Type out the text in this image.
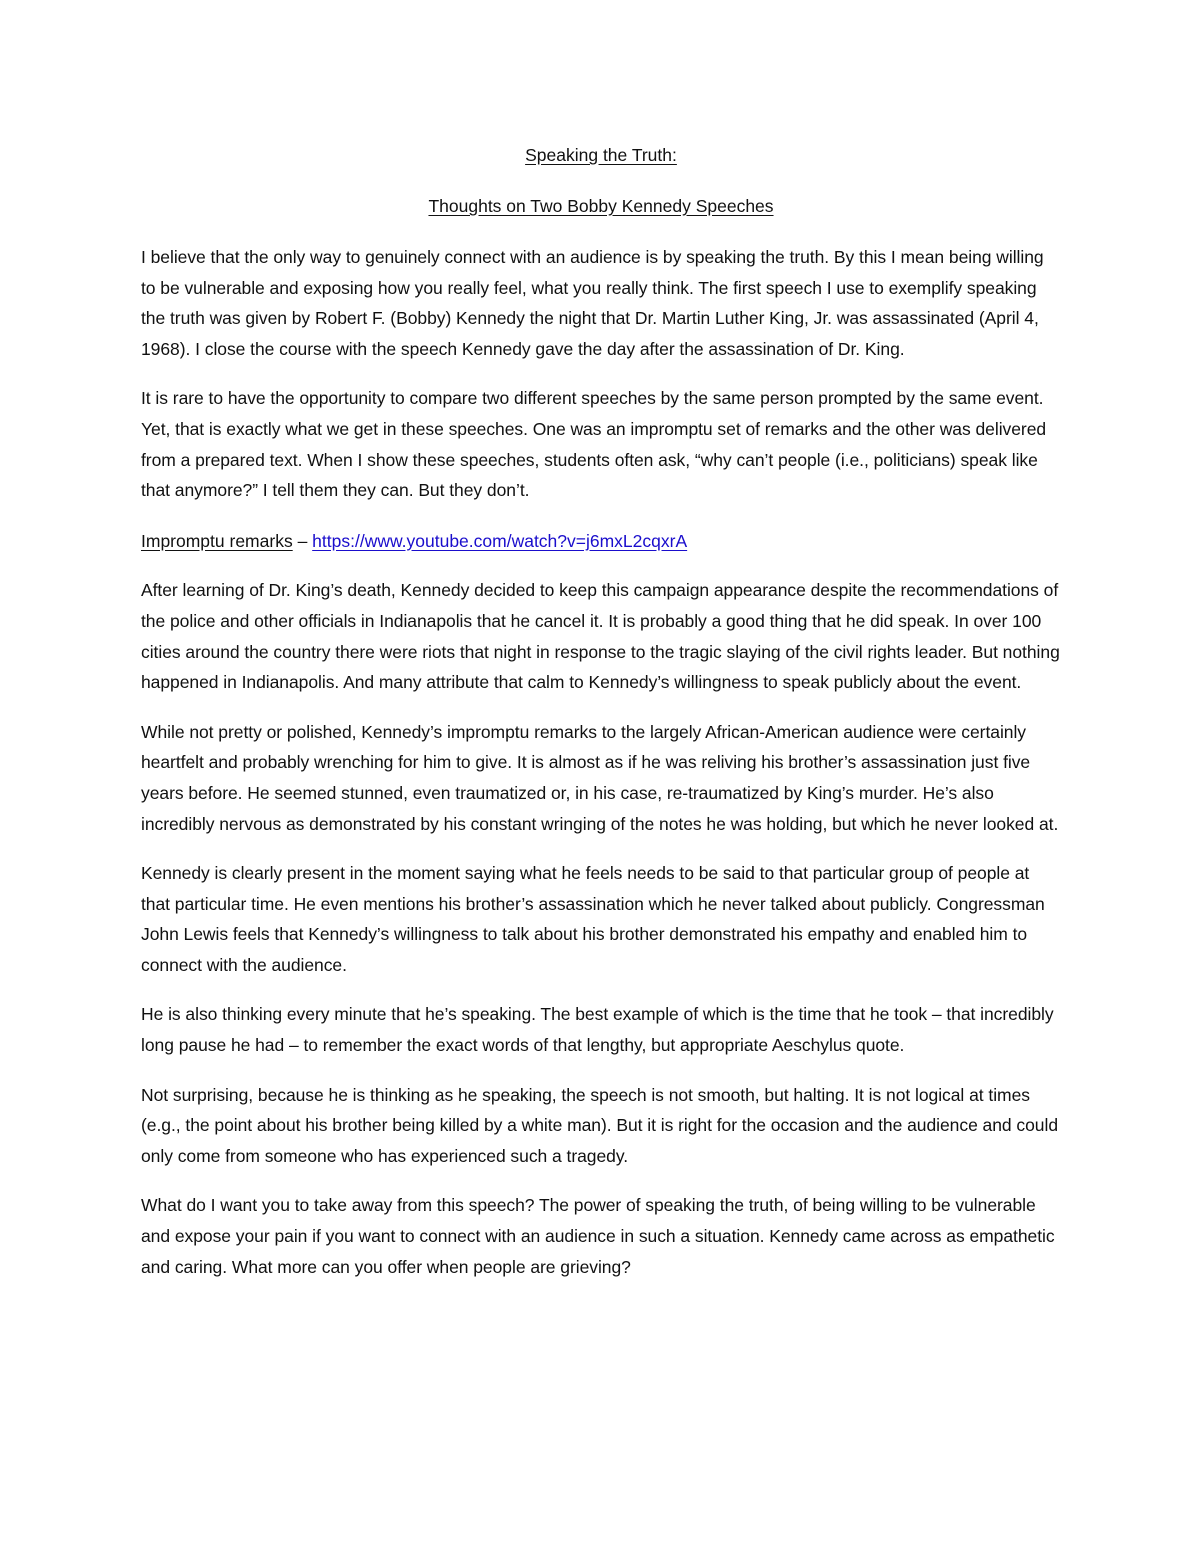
Speaking the Truth:

Thoughts on Two Bobby Kennedy Speeches

I believe that the only way to genuinely connect with an audience is by speaking the truth. By this I mean being willing to be vulnerable and exposing how you really feel, what you really think. The first speech I use to exemplify speaking the truth was given by Robert F. (Bobby) Kennedy the night that Dr. Martin Luther King, Jr. was assassinated (April 4, 1968). I close the course with the speech Kennedy gave the day after the assassination of Dr. King.

It is rare to have the opportunity to compare two different speeches by the same person prompted by the same event. Yet, that is exactly what we get in these speeches. One was an impromptu set of remarks and the other was delivered from a prepared text. When I show these speeches, students often ask, “why can’t people (i.e., politicians) speak like that anymore?” I tell them they can. But they don’t.

Impromptu remarks – https://www.youtube.com/watch?v=j6mxL2cqxrA

After learning of Dr. King’s death, Kennedy decided to keep this campaign appearance despite the recommendations of the police and other officials in Indianapolis that he cancel it. It is probably a good thing that he did speak. In over 100 cities around the country there were riots that night in response to the tragic slaying of the civil rights leader. But nothing happened in Indianapolis. And many attribute that calm to Kennedy’s willingness to speak publicly about the event.

While not pretty or polished, Kennedy’s impromptu remarks to the largely African-American audience were certainly heartfelt and probably wrenching for him to give. It is almost as if he was reliving his brother’s assassination just five years before. He seemed stunned, even traumatized or, in his case, re-traumatized by King’s murder. He’s also incredibly nervous as demonstrated by his constant wringing of the notes he was holding, but which he never looked at.

Kennedy is clearly present in the moment saying what he feels needs to be said to that particular group of people at that particular time. He even mentions his brother’s assassination which he never talked about publicly. Congressman John Lewis feels that Kennedy’s willingness to talk about his brother demonstrated his empathy and enabled him to connect with the audience.

He is also thinking every minute that he’s speaking. The best example of which is the time that he took – that incredibly long pause he had – to remember the exact words of that lengthy, but appropriate Aeschylus quote.

Not surprising, because he is thinking as he speaking, the speech is not smooth, but halting. It is not logical at times (e.g., the point about his brother being killed by a white man). But it is right for the occasion and the audience and could only come from someone who has experienced such a tragedy.

What do I want you to take away from this speech? The power of speaking the truth, of being willing to be vulnerable and expose your pain if you want to connect with an audience in such a situation. Kennedy came across as empathetic and caring. What more can you offer when people are grieving?
